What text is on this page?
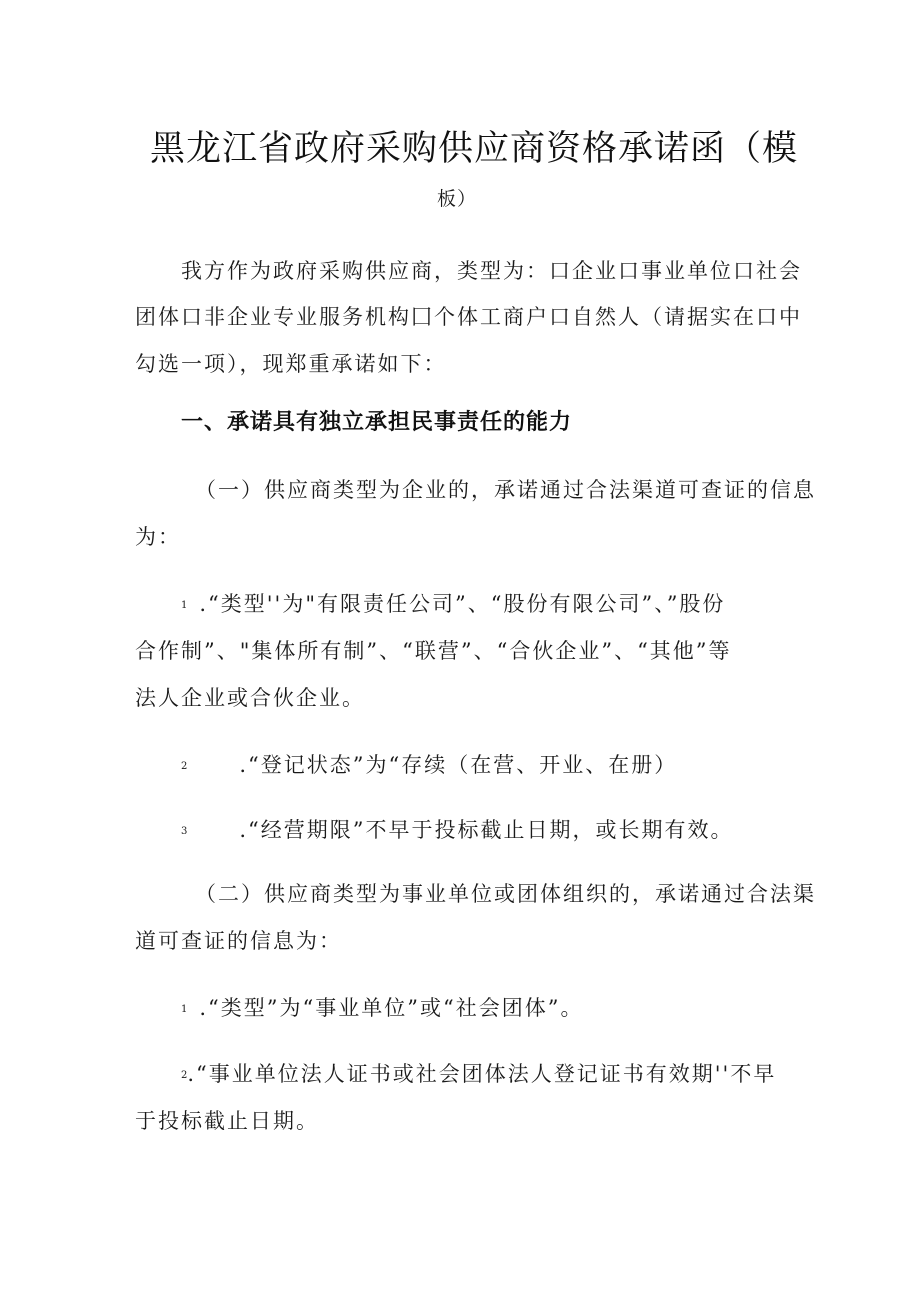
黑龙江省政府采购供应商资格承诺函（模
板）

我方作为政府采购供应商，类型为：口企业口事业单位口社会

团体口非企业专业服务机构囗个体工商户口自然人（请据实在口中

勾选一项），现郑重承诺如下：

一、承诺具有独立承担民事责任的能力

（一）供应商类型为企业的，承诺通过合法渠道可查证的信息

为：

1 .“类型''为"有限责任公司”、“股份有限公司”、”股份

合作制”、"集体所有制”、“联营”、“合伙企业”、“其他”等

法人企业或合伙企业。

2 .“登记状态”为“存续（在营、开业、在册）

3 .“经营期限”不早于投标截止日期，或长期有效。

（二）供应商类型为事业单位或团体组织的，承诺通过合法渠

道可查证的信息为：

1 .“类型”为“事业单位”或“社会团体”。

2.“事业单位法人证书或社会团体法人登记证书有效期''不早

于投标截止日期。
